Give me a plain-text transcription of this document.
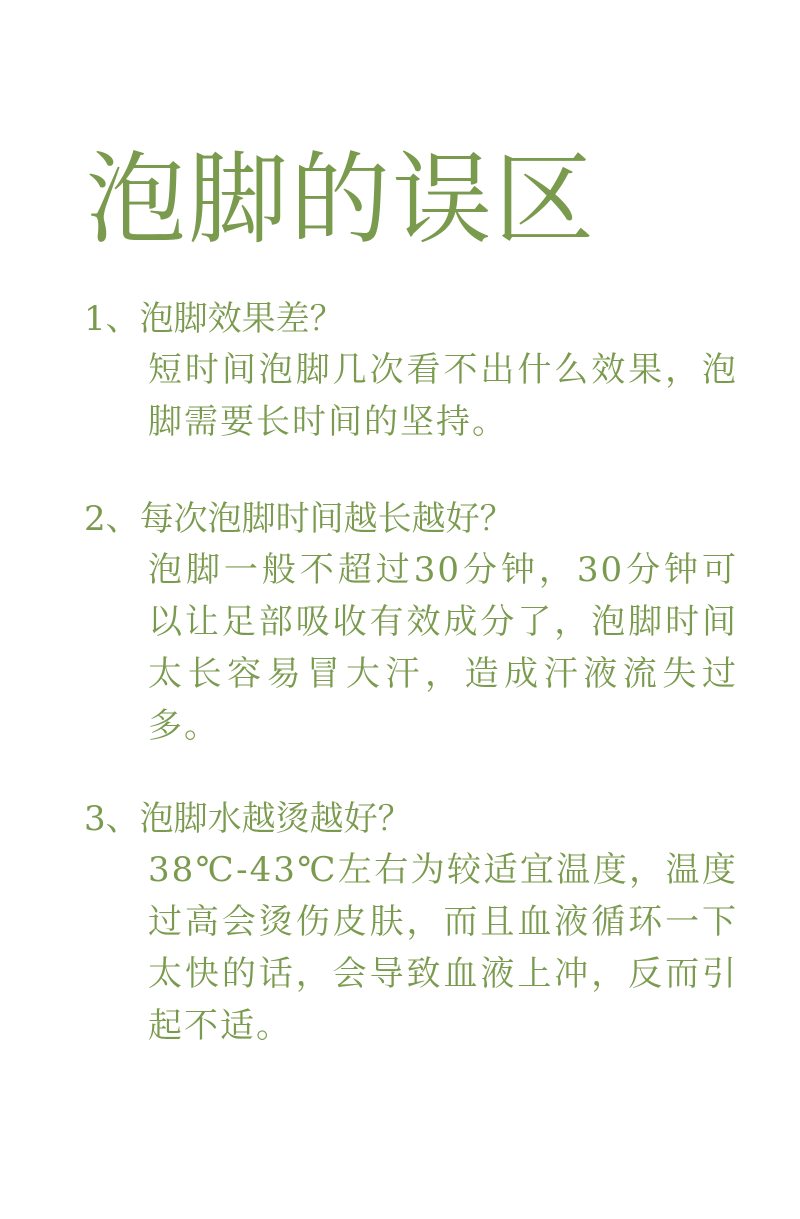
泡脚的误区

1、泡脚效果差？

短时间泡脚几次看不出什么效果，泡脚需要长时间的坚持。

2、每次泡脚时间越长越好？

泡脚一般不超过30分钟，30分钟可以让足部吸收有效成分了，泡脚时间太长容易冒大汗，造成汗液流失过多。

3、泡脚水越烫越好？

38℃-43℃左右为较适宜温度，温度过高会烫伤皮肤，而且血液循环一下太快的话，会导致血液上冲，反而引起不适。
